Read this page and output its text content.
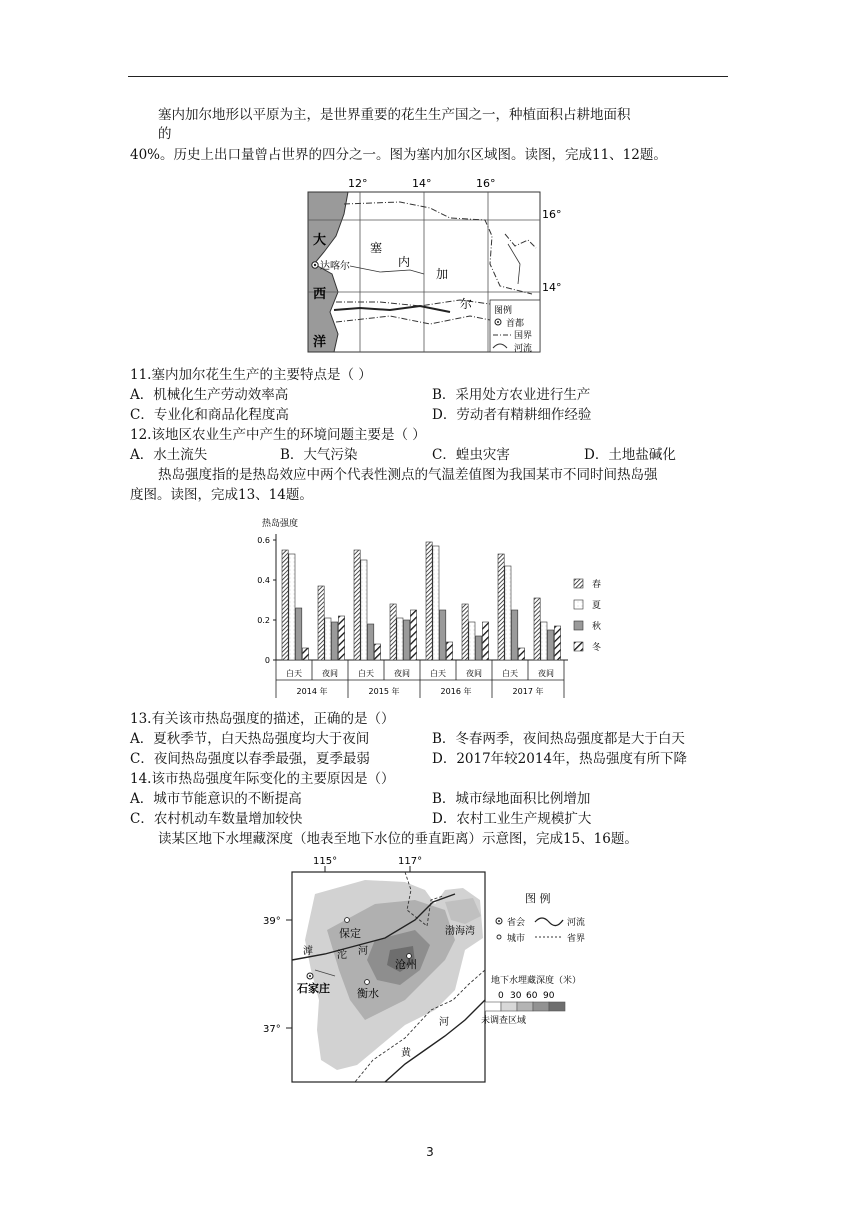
塞内加尔地形以平原为主，是世界重要的花生生产国之一，种植面积占耕地面积
的
40%。历史上出口量曾占世界的四分之一。图为塞内加尔区域图。读图，完成11、12题。
12°	14°	16°
16°
14°
大
西
洋
达喀尔
塞
内
加
尔 图例
首都
国界
河流
11.塞内加尔花生生产的主要特点是（ ）
A．机械化生产劳动效率高	B．采用处方农业进行生产
C．专业化和商品化程度高	D．劳动者有精耕细作经验
12.该地区农业生产中产生的环境问题主要是（ ）
A．水土流失	B．大气污染	C．蝗虫灾害	D．土地盐碱化
热岛强度指的是热岛效应中两个代表性测点的气温差值图为我国某市不同时间热岛强
度图。读图，完成13、14题。
热岛强度
0
0.2
0.4
0.6
白天	夜间	白天	夜间	白天	夜间	白天	夜间
2014 年	2015 年	2016 年	2017 年
春
夏
秋
冬
13.有关该市热岛强度的描述，正确的是（）
A．夏秋季节，白天热岛强度均大于夜间	B．冬春两季，夜间热岛强度都是大于白天
C．夜间热岛强度以春季最强，夏季最弱	D．2017年较2014年，热岛强度有所下降
14.该市热岛强度年际变化的主要原因是（）
A．城市节能意识的不断提高	B．城市绿地面积比例增加
C．农村机动车数量增加较快	D．农村工业生产规模扩大
读某区地下水埋藏深度（地表至地下水位的垂直距离）示意图，完成15、16题。
115°	117°
39°
37°
保定
沧州
石家庄 衡水
渤海湾
滹 沱 河
河
黄
图 例
省会	河流
城市	省界
地下水埋藏深度（米）
0 30 60 90
未调查区域
3
